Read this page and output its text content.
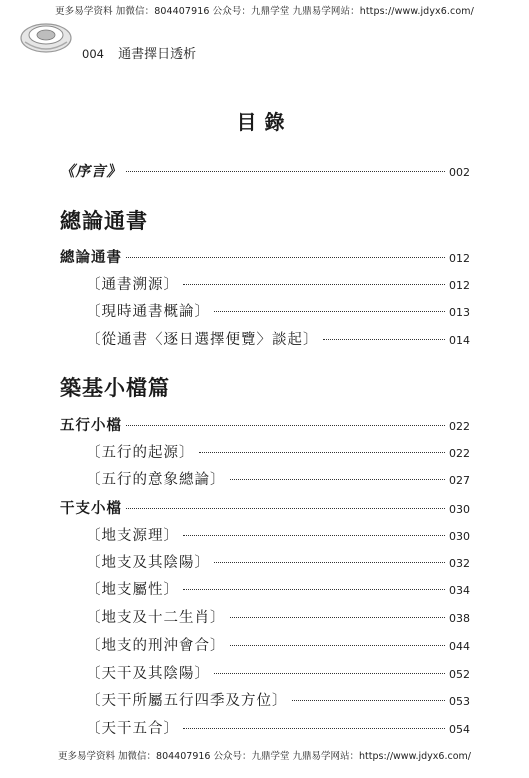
更多易学资料 加微信：804407916 公众号：九鼎学堂 九鼎易学网站：https://www.jdyx6.com/
004 通書擇日透析
目錄
《序言》	002
總論通書
總論通書	012
〔通書溯源〕	012
〔現時通書概論〕	013
〔從通書〈逐日選擇便覽〉談起〕	014
築基小檔篇
五行小檔	022
〔五行的起源〕	022
〔五行的意象總論〕	027
干支小檔	030
〔地支源理〕	030
〔地支及其陰陽〕	032
〔地支屬性〕	034
〔地支及十二生肖〕	038
〔地支的刑沖會合〕	044
〔天干及其陰陽〕	052
〔天干所屬五行四季及方位〕	053
〔天干五合〕	054
更多易学资料 加微信：804407916 公众号：九鼎学堂 九鼎易学网站：https://www.jdyx6.com/
